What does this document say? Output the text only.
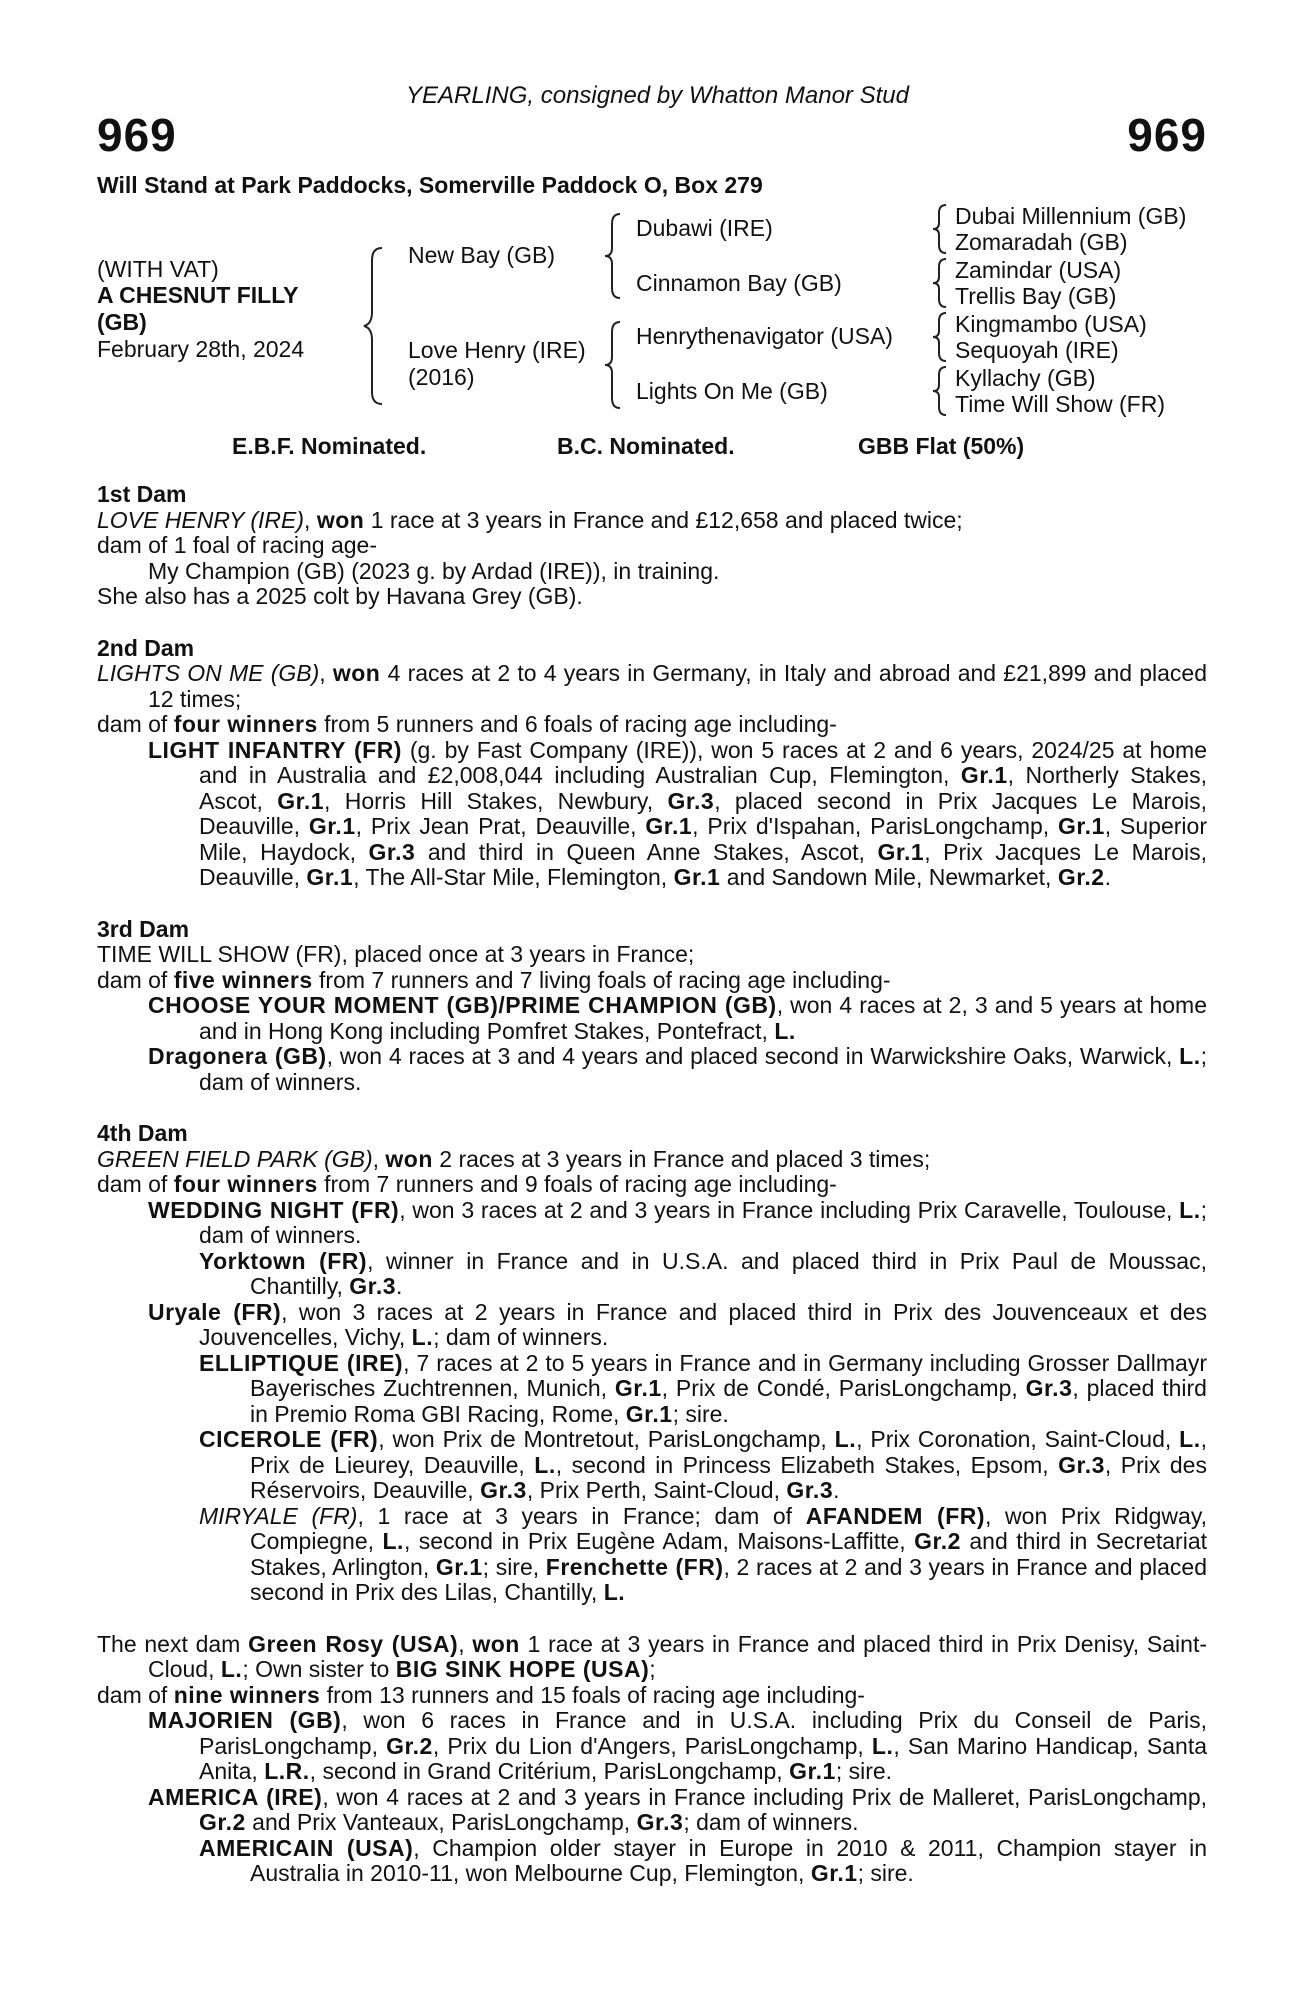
YEARLING, consigned by Whatton Manor Stud
969	969
Will Stand at Park Paddocks, Somerville Paddock O, Box 279
(WITH VAT)
A CHESNUT FILLY
(GB)
February 28th, 2024
New Bay (GB)
Love Henry (IRE)
(2016)
Dubawi (IRE)
Cinnamon Bay (GB)
Henrythenavigator (USA)
Lights On Me (GB)
Dubai Millennium (GB)
Zomaradah (GB)
Zamindar (USA)
Trellis Bay (GB)
Kingmambo (USA)
Sequoyah (IRE)
Kyllachy (GB)
Time Will Show (FR)
E.B.F. Nominated.	B.C. Nominated.	GBB Flat (50%)

1st Dam

LOVE HENRY (IRE), won 1 race at 3 years in France and £12,658 and placed twice;

dam of 1 foal of racing age-

My Champion (GB) (2023 g. by Ardad (IRE)), in training.

She also has a 2025 colt by Havana Grey (GB).

2nd Dam

LIGHTS ON ME (GB), won 4 races at 2 to 4 years in Germany, in Italy and abroad and £21,899 and placed 12 times;

dam of four winners from 5 runners and 6 foals of racing age including-

LIGHT INFANTRY (FR) (g. by Fast Company (IRE)), won 5 races at 2 and 6 years, 2024/25 at home and in Australia and £2,008,044 including Australian Cup, Flemington, Gr.1, Northerly Stakes, Ascot, Gr.1, Horris Hill Stakes, Newbury, Gr.3, placed second in Prix Jacques Le Marois, Deauville, Gr.1, Prix Jean Prat, Deauville, Gr.1, Prix d'Ispahan, ParisLongchamp, Gr.1, Superior Mile, Haydock, Gr.3 and third in Queen Anne Stakes, Ascot, Gr.1, Prix Jacques Le Marois, Deauville, Gr.1, The All-Star Mile, Flemington, Gr.1 and Sandown Mile, Newmarket, Gr.2.

3rd Dam

TIME WILL SHOW (FR), placed once at 3 years in France;

dam of five winners from 7 runners and 7 living foals of racing age including-

CHOOSE YOUR MOMENT (GB)/PRIME CHAMPION (GB), won 4 races at 2, 3 and 5 years at home and in Hong Kong including Pomfret Stakes, Pontefract, L.

Dragonera (GB), won 4 races at 3 and 4 years and placed second in Warwickshire Oaks, Warwick, L.; dam of winners.

4th Dam

GREEN FIELD PARK (GB), won 2 races at 3 years in France and placed 3 times;

dam of four winners from 7 runners and 9 foals of racing age including-

WEDDING NIGHT (FR), won 3 races at 2 and 3 years in France including Prix Caravelle, Toulouse, L.; dam of winners.

Yorktown (FR), winner in France and in U.S.A. and placed third in Prix Paul de Moussac, Chantilly, Gr.3.

Uryale (FR), won 3 races at 2 years in France and placed third in Prix des Jouvenceaux et des Jouvencelles, Vichy, L.; dam of winners.

ELLIPTIQUE (IRE), 7 races at 2 to 5 years in France and in Germany including Grosser Dallmayr Bayerisches Zuchtrennen, Munich, Gr.1, Prix de Condé, ParisLongchamp, Gr.3, placed third in Premio Roma GBI Racing, Rome, Gr.1; sire.

CICEROLE (FR), won Prix de Montretout, ParisLongchamp, L., Prix Coronation, Saint-Cloud, L., Prix de Lieurey, Deauville, L., second in Princess Elizabeth Stakes, Epsom, Gr.3, Prix des Réservoirs, Deauville, Gr.3, Prix Perth, Saint-Cloud, Gr.3.

MIRYALE (FR), 1 race at 3 years in France; dam of AFANDEM (FR), won Prix Ridgway, Compiegne, L., second in Prix Eugène Adam, Maisons-Laffitte, Gr.2 and third in Secretariat Stakes, Arlington, Gr.1; sire, Frenchette (FR), 2 races at 2 and 3 years in France and placed second in Prix des Lilas, Chantilly, L.

The next dam Green Rosy (USA), won 1 race at 3 years in France and placed third in Prix Denisy, Saint-Cloud, L.; Own sister to BIG SINK HOPE (USA);

dam of nine winners from 13 runners and 15 foals of racing age including-

MAJORIEN (GB), won 6 races in France and in U.S.A. including Prix du Conseil de Paris, ParisLongchamp, Gr.2, Prix du Lion d'Angers, ParisLongchamp, L., San Marino Handicap, Santa Anita, L.R., second in Grand Critérium, ParisLongchamp, Gr.1; sire.

AMERICA (IRE), won 4 races at 2 and 3 years in France including Prix de Malleret, ParisLongchamp, Gr.2 and Prix Vanteaux, ParisLongchamp, Gr.3; dam of winners.

AMERICAIN (USA), Champion older stayer in Europe in 2010 & 2011, Champion stayer in Australia in 2010-11, won Melbourne Cup, Flemington, Gr.1; sire.
